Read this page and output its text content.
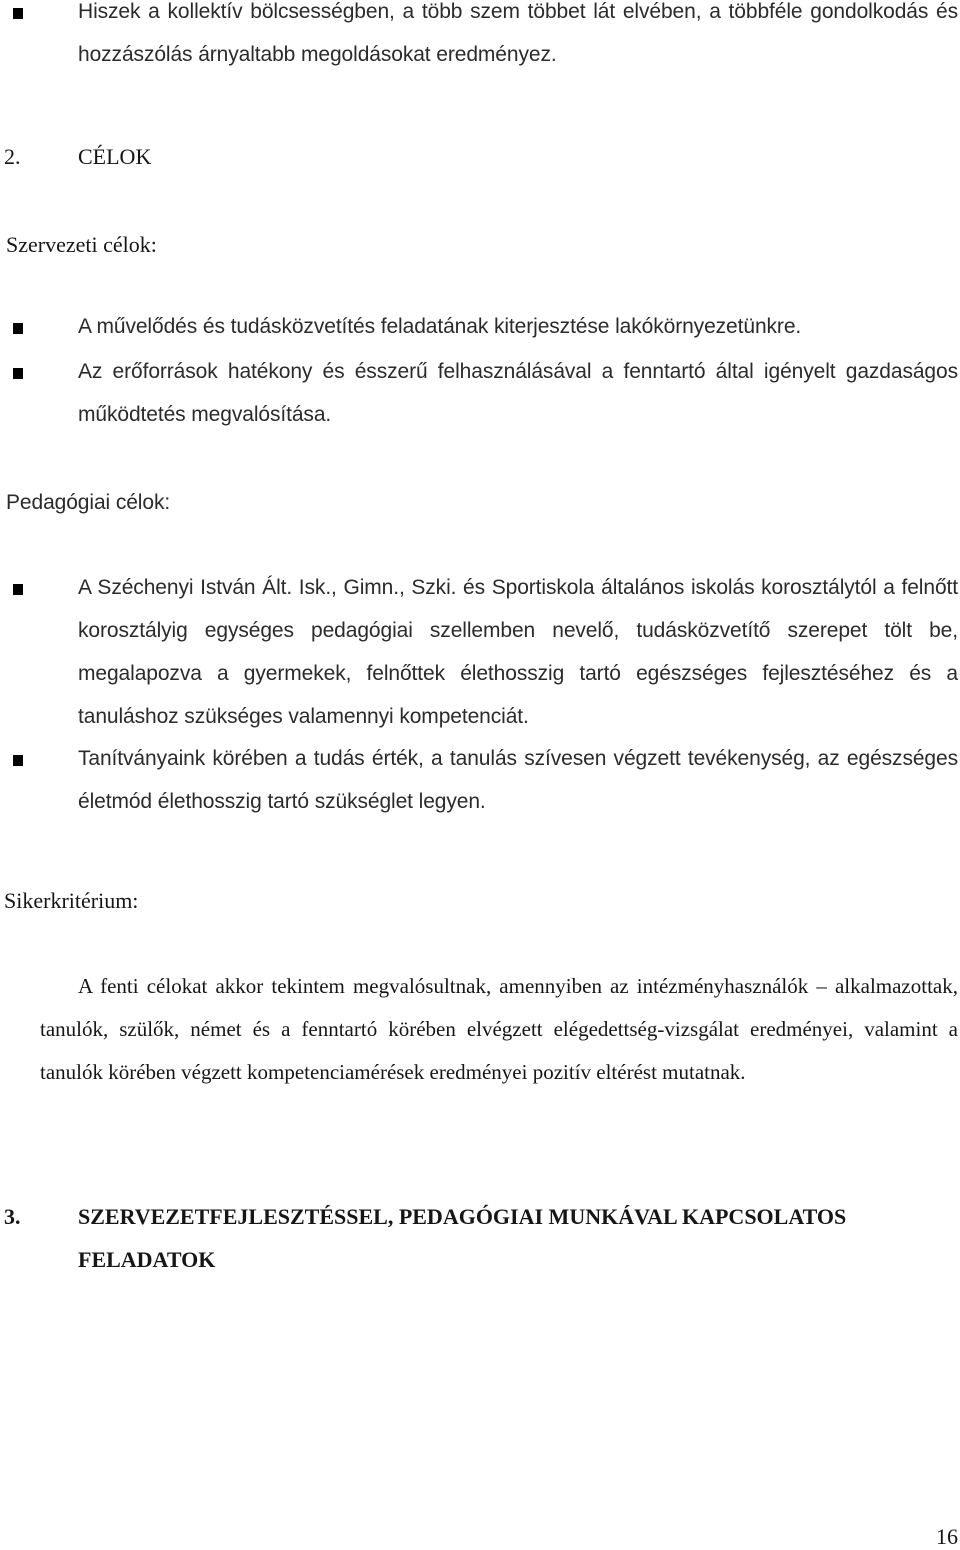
Hiszek a kollektív bölcsességben, a több szem többet lát elvében, a többféle gondolkodás és hozzászólás árnyaltabb megoldásokat eredményez.

2.	CÉLOK
Szervezeti célok:

A művelődés és tudásközvetítés feladatának kiterjesztése lakókörnyezetünkre.

Az erőforrások hatékony és ésszerű felhasználásával a fenntartó által igényelt gazdaságos működtetés megvalósítása.

Pedagógiai célok:

A Széchenyi István Ált. Isk., Gimn., Szki. és Sportiskola általános iskolás korosztálytól a felnőtt korosztályig egységes pedagógiai szellemben nevelő, tudásközvetítő szerepet tölt be, megalapozva a gyermekek, felnőttek élethosszig tartó egészséges fejlesztéséhez és a tanuláshoz szükséges valamennyi kompetenciát.

Tanítványaink körében a tudás érték, a tanulás szívesen végzett tevékenység, az egészséges életmód élethosszig tartó szükséglet legyen.

Sikerkritérium:

A fenti célokat akkor tekintem megvalósultnak, amennyiben az intézményhasználók – alkalmazottak, tanulók, szülők, német és a fenntartó körében elvégzett elégedettség-vizsgálat eredményei, valamint a tanulók körében végzett kompetenciamérések eredményei pozitív eltérést mutatnak.

3.	SZERVEZETFEJLESZTÉSSEL, PEDAGÓGIAI MUNKÁVAL KAPCSOLATOS FELADATOK
16
